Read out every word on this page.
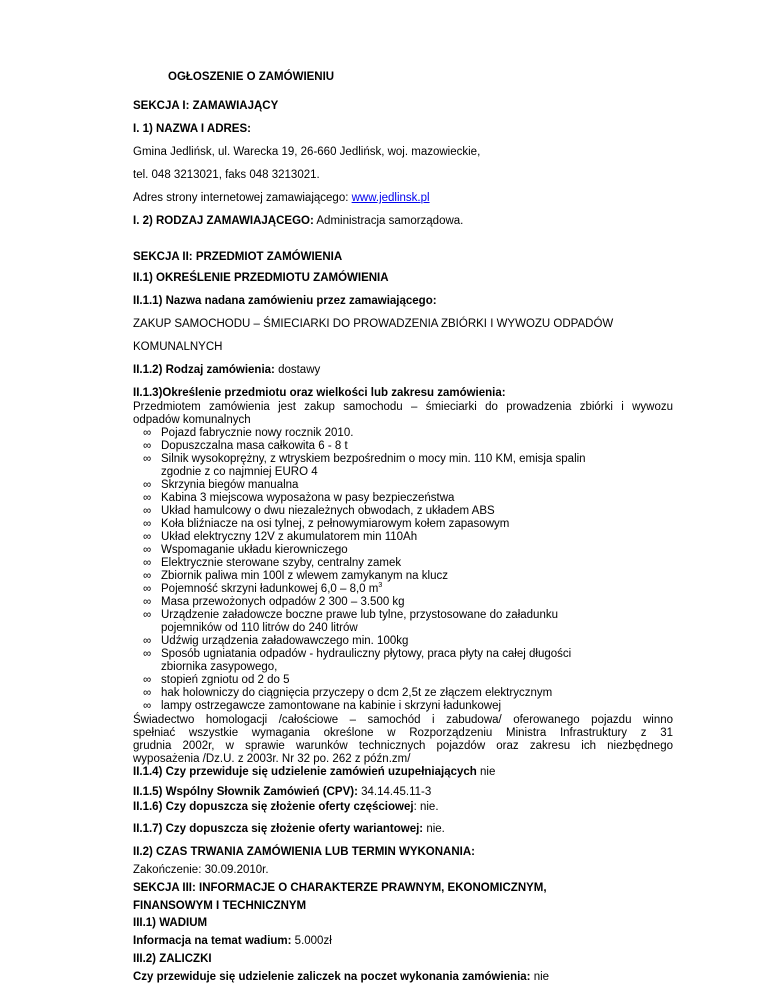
OGŁOSZENIE O ZAMÓWIENIU
SEKCJA I: ZAMAWIAJĄCY
I. 1) NAZWA I ADRES:
Gmina Jedlińsk, ul. Warecka 19, 26-660 Jedlińsk, woj. mazowieckie,
tel. 048 3213021, faks 048 3213021.
Adres strony internetowej zamawiającego: www.jedlinsk.pl
I. 2) RODZAJ ZAMAWIAJĄCEGO: Administracja samorządowa.
SEKCJA II: PRZEDMIOT ZAMÓWIENIA
II.1) OKREŚLENIE PRZEDMIOTU ZAMÓWIENIA
II.1.1) Nazwa nadana zamówieniu przez zamawiającego:
ZAKUP SAMOCHODU – ŚMIECIARKI DO PROWADZENIA ZBIÓRKI I WYWOZU ODPADÓW
KOMUNALNYCH
II.1.2) Rodzaj zamówienia: dostawy
II.1.3)Określenie przedmiotu oraz wielkości lub zakresu zamówienia:
Przedmiotem zamówienia jest zakup samochodu – śmieciarki do prowadzenia zbiórki i wywozu
odpadów komunalnych
∞ Pojazd fabrycznie nowy rocznik 2010.
∞ Dopuszczalna masa całkowita 6 - 8 t
∞ Silnik wysokoprężny, z wtryskiem bezpośrednim o mocy min. 110 KM, emisja spalin
zgodnie z co najmniej EURO 4
∞ Skrzynia biegów manualna
∞ Kabina 3 miejscowa wyposażona w pasy bezpieczeństwa
∞ Układ hamulcowy o dwu niezależnych obwodach, z układem ABS
∞ Koła bliźniacze na osi tylnej, z pełnowymiarowym kołem zapasowym
∞ Układ elektryczny 12V z akumulatorem min 110Ah
∞ Wspomaganie układu kierowniczego
∞ Elektrycznie sterowane szyby, centralny zamek
∞ Zbiornik paliwa min 100l z wlewem zamykanym na klucz
∞ Pojemność skrzyni ładunkowej 6,0 – 8,0 $m^3$
∞ Masa przewożonych odpadów 2 300 – 3.500 kg
∞ Urządzenie załadowcze boczne prawe lub tylne, przystosowane do załadunku
pojemników od 110 litrów do 240 litrów
∞ Udźwig urządzenia załadowawczego min. 100kg
∞ Sposób ugniatania odpadów - hydrauliczny płytowy, praca płyty na całej długości
zbiornika zasypowego,
∞ stopień zgniotu od 2 do 5
∞ hak holowniczy do ciągnięcia przyczepy o dcm 2,5t ze złączem elektrycznym
∞ lampy ostrzegawcze zamontowane na kabinie i skrzyni ładunkowej
Świadectwo homologacji /całościowe – samochód i zabudowa/ oferowanego pojazdu winno
spełniać wszystkie wymagania określone w Rozporządzeniu Ministra Infrastruktury z 31
grudnia 2002r, w sprawie warunków technicznych pojazdów oraz zakresu ich niezbędnego
wyposażenia /Dz.U. z 2003r. Nr 32 po. 262 z późn.zm/
II.1.4) Czy przewiduje się udzielenie zamówień uzupełniających nie
II.1.5) Wspólny Słownik Zamówień (CPV): 34.14.45.11-3
II.1.6) Czy dopuszcza się złożenie oferty częściowej: nie.
II.1.7) Czy dopuszcza się złożenie oferty wariantowej: nie.
II.2) CZAS TRWANIA ZAMÓWIENIA LUB TERMIN WYKONANIA:
Zakończenie: 30.09.2010r.
SEKCJA III: INFORMACJE O CHARAKTERZE PRAWNYM, EKONOMICZNYM,
FINANSOWYM I TECHNICZNYM
III.1) WADIUM
Informacja na temat wadium: 5.000zł
III.2) ZALICZKI
Czy przewiduje się udzielenie zaliczek na poczet wykonania zamówienia: nie
